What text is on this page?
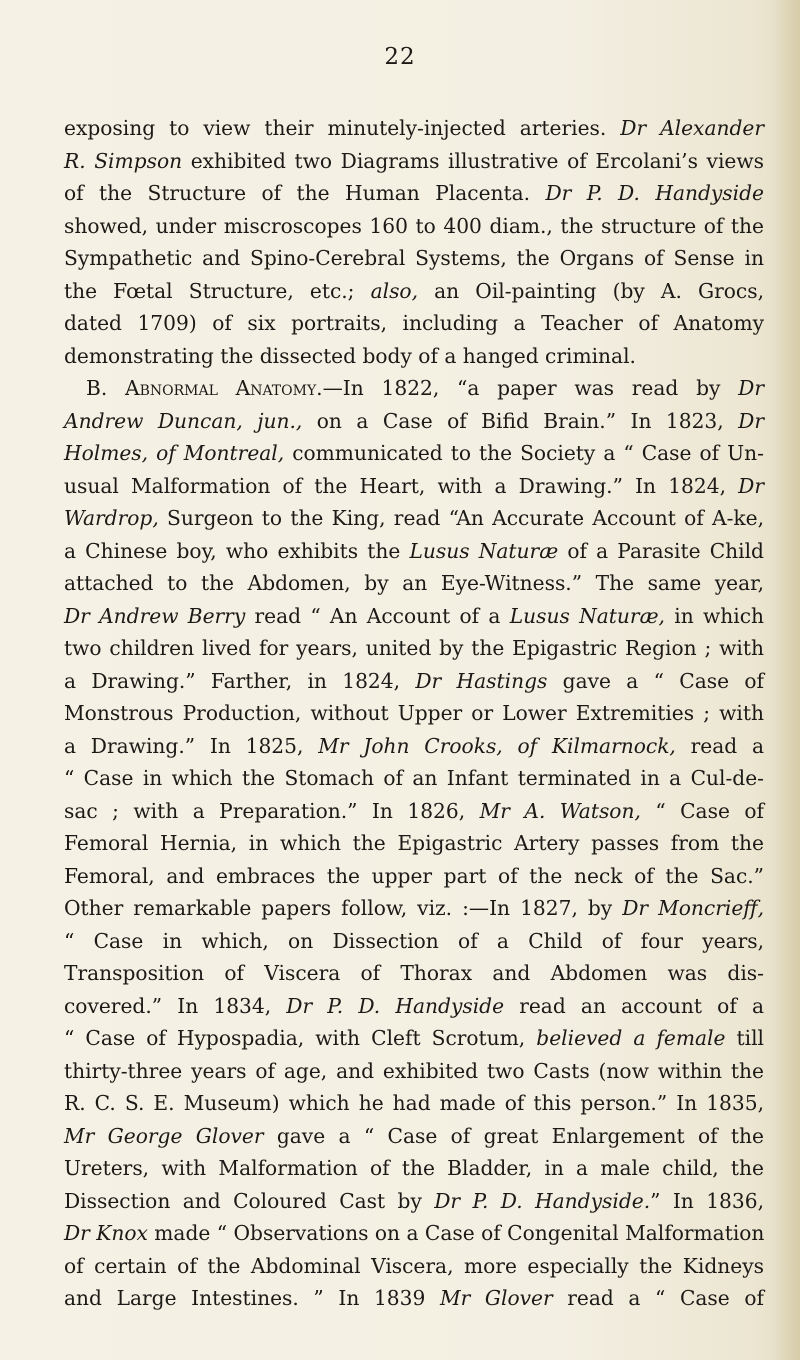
22
exposing to view their minutely-injected arteries. Dr Alexander
R. Simpson exhibited two Diagrams illustrative of Ercolani’s views
of the Structure of the Human Placenta. Dr P. D. Handyside
showed, under miscroscopes 160 to 400 diam., the structure of the
Sympathetic and Spino-Cerebral Systems, the Organs of Sense in
the Fœtal Structure, etc.; also, an Oil-painting (by A. Grocs,
dated 1709) of six portraits, including a Teacher of Anatomy
demonstrating the dissected body of a hanged criminal.
B. Abnormal Anatomy.—In 1822, “a paper was read by Dr
Andrew Duncan, jun., on a Case of Bifid Brain.” In 1823, Dr
Holmes, of Montreal, communicated to the Society a “ Case of Un-
usual Malformation of the Heart, with a Drawing.” In 1824, Dr
Wardrop, Surgeon to the King, read “An Accurate Account of A-ke,
a Chinese boy, who exhibits the Lusus Naturæ of a Parasite Child
attached to the Abdomen, by an Eye-Witness.” The same year,
Dr Andrew Berry read “ An Account of a Lusus Naturæ, in which
two children lived for years, united by the Epigastric Region ; with
a Drawing.” Farther, in 1824, Dr Hastings gave a “ Case of
Monstrous Production, without Upper or Lower Extremities ; with
a Drawing.” In 1825, Mr John Crooks, of Kilmarnock, read a
“ Case in which the Stomach of an Infant terminated in a Cul-de-
sac ; with a Preparation.” In 1826, Mr A. Watson, “ Case of
Femoral Hernia, in which the Epigastric Artery passes from the
Femoral, and embraces the upper part of the neck of the Sac.”
Other remarkable papers follow, viz. :—In 1827, by Dr Moncrieff,
“ Case in which, on Dissection of a Child of four years,
Transposition of Viscera of Thorax and Abdomen was dis-
covered.” In 1834, Dr P. D. Handyside read an account of a
“ Case of Hypospadia, with Cleft Scrotum, believed a female till
thirty-three years of age, and exhibited two Casts (now within the
R. C. S. E. Museum) which he had made of this person.” In 1835,
Mr George Glover gave a “ Case of great Enlargement of the
Ureters, with Malformation of the Bladder, in a male child, the
Dissection and Coloured Cast by Dr P. D. Handyside.” In 1836,
Dr Knox made “ Observations on a Case of Congenital Malformation
of certain of the Abdominal Viscera, more especially the Kidneys
and Large Intestines. ” In 1839 Mr Glover read a “ Case of
